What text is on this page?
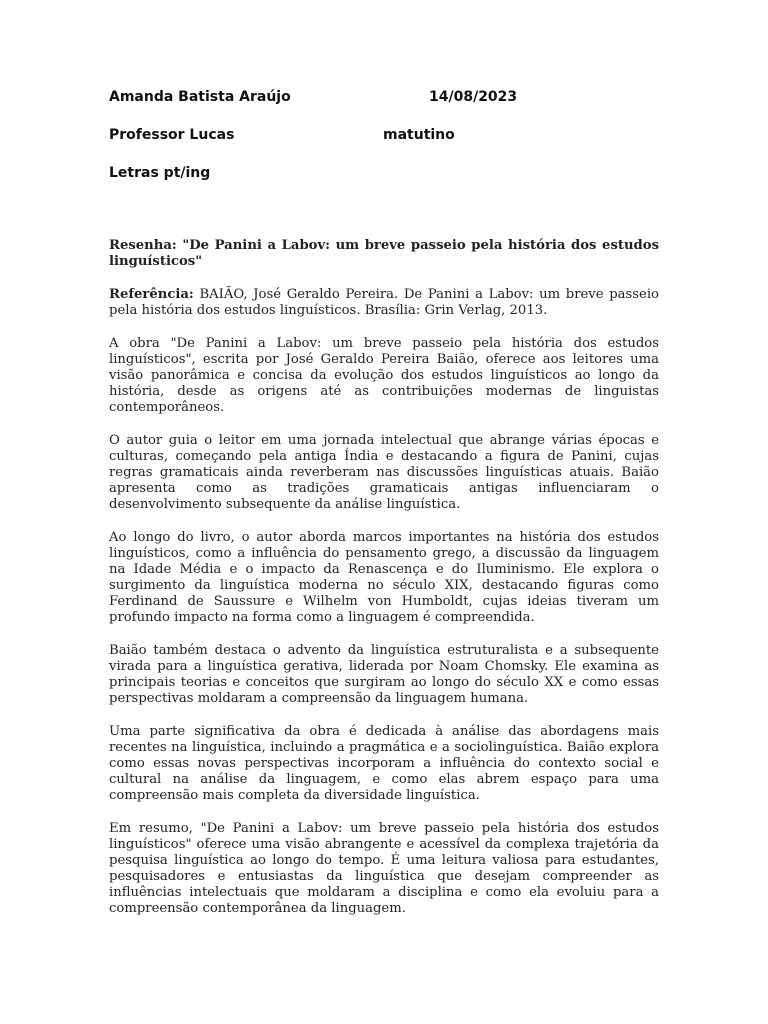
Amanda Batista Araújo	14/08/2023
Professor Lucas	matutino
Letras pt/ing

Resenha: "De Panini a Labov: um breve passeio pela história dos estudos linguísticos"

Referência: BAIÃO, José Geraldo Pereira. De Panini a Labov: um breve passeio pela história dos estudos linguísticos. Brasília: Grin Verlag, 2013.

A obra "De Panini a Labov: um breve passeio pela história dos estudos linguísticos", escrita por José Geraldo Pereira Baião, oferece aos leitores uma visão panorâmica e concisa da evolução dos estudos linguísticos ao longo da história, desde as origens até as contribuições modernas de linguistas contemporâneos.

O autor guia o leitor em uma jornada intelectual que abrange várias épocas e culturas, começando pela antiga Índia e destacando a figura de Panini, cujas regras gramaticais ainda reverberam nas discussões linguísticas atuais. Baião apresenta como as tradições gramaticais antigas influenciaram o desenvolvimento subsequente da análise linguística.

Ao longo do livro, o autor aborda marcos importantes na história dos estudos linguísticos, como a influência do pensamento grego, a discussão da linguagem na Idade Média e o impacto da Renascença e do Iluminismo. Ele explora o surgimento da linguística moderna no século XIX, destacando figuras como Ferdinand de Saussure e Wilhelm von Humboldt, cujas ideias tiveram um profundo impacto na forma como a linguagem é compreendida.

Baião também destaca o advento da linguística estruturalista e a subsequente virada para a linguística gerativa, liderada por Noam Chomsky. Ele examina as principais teorias e conceitos que surgiram ao longo do século XX e como essas perspectivas moldaram a compreensão da linguagem humana.

Uma parte significativa da obra é dedicada à análise das abordagens mais recentes na linguística, incluindo a pragmática e a sociolinguística. Baião explora como essas novas perspectivas incorporam a influência do contexto social e cultural na análise da linguagem, e como elas abrem espaço para uma compreensão mais completa da diversidade linguística.

Em resumo, "De Panini a Labov: um breve passeio pela história dos estudos linguísticos" oferece uma visão abrangente e acessível da complexa trajetória da pesquisa linguística ao longo do tempo. É uma leitura valiosa para estudantes, pesquisadores e entusiastas da linguística que desejam compreender as influências intelectuais que moldaram a disciplina e como ela evoluiu para a compreensão contemporânea da linguagem.
